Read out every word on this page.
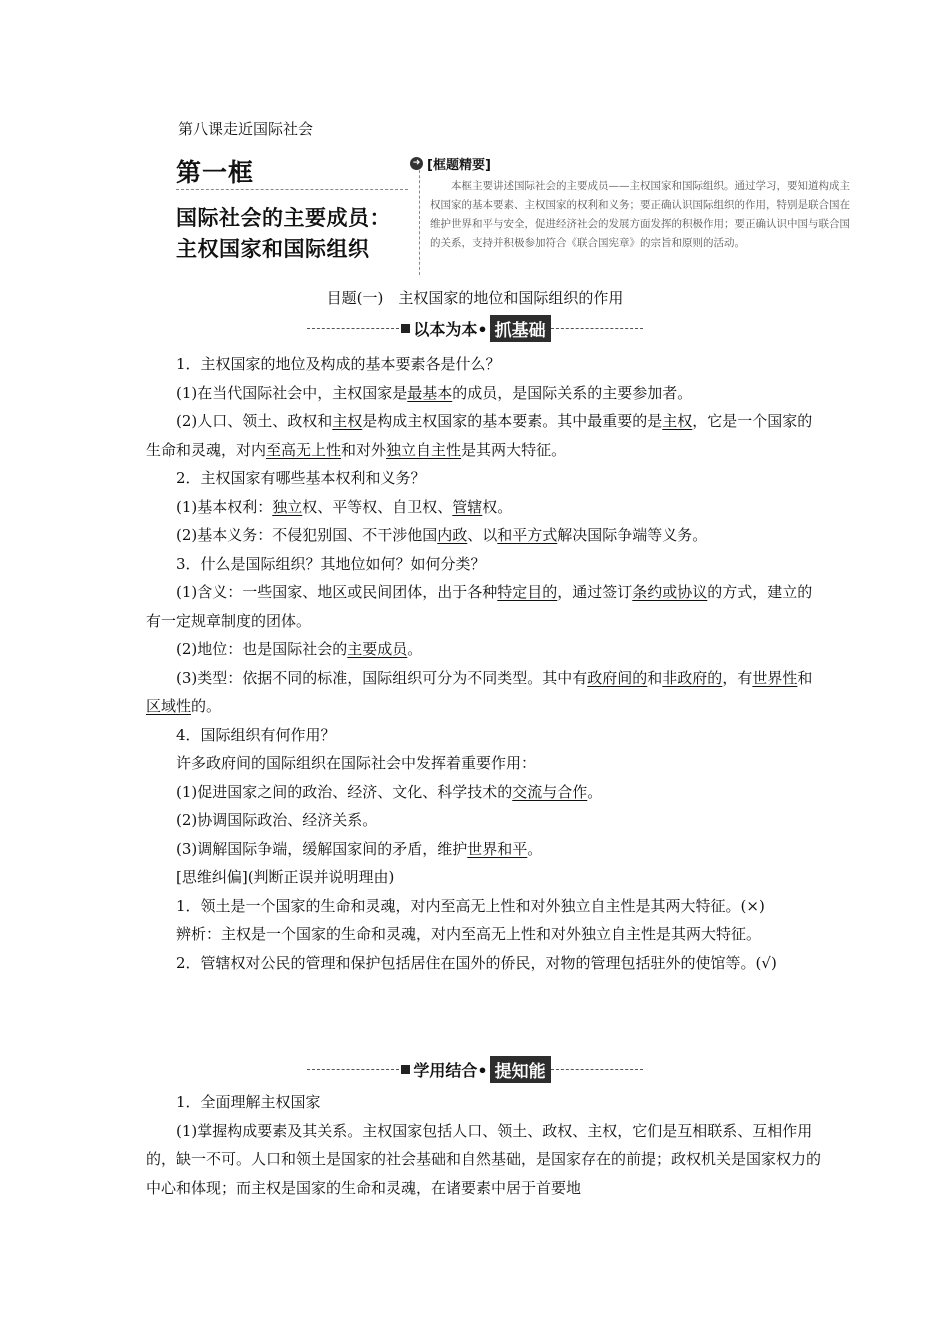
第八课走近国际社会
第一框
国际社会的主要成员：
主权国家和国际组织
➜ [框题精要]
本框主要讲述国际社会的主要成员——主权国家和国际组织。通过学习，要知道构成主权国家的基本要素、主权国家的权利和义务；要正确认识国际组织的作用，特别是联合国在维护世界和平与安全，促进经济社会的发展方面发挥的积极作用；要正确认识中国与联合国的关系，支持并积极参加符合《联合国宪章》的宗旨和原则的活动。
目题(一)　主权国家的地位和国际组织的作用
以本为本• 抓基础

1．主权国家的地位及构成的基本要素各是什么？

(1)在当代国际社会中，主权国家是最基本的成员，是国际关系的主要参加者。

(2)人口、领土、政权和主权是构成主权国家的基本要素。其中最重要的是主权，它是一个国家的生命和灵魂，对内至高无上性和对外独立自主性是其两大特征。

2．主权国家有哪些基本权利和义务？

(1)基本权利：独立权、平等权、自卫权、管辖权。

(2)基本义务：不侵犯别国、不干涉他国内政、以和平方式解决国际争端等义务。

3．什么是国际组织？其地位如何？如何分类？

(1)含义：一些国家、地区或民间团体，出于各种特定目的，通过签订条约或协议的方式，建立的有一定规章制度的团体。

(2)地位：也是国际社会的主要成员。

(3)类型：依据不同的标准，国际组织可分为不同类型。其中有政府间的和非政府的，有世界性和区域性的。

4．国际组织有何作用？

许多政府间的国际组织在国际社会中发挥着重要作用：

(1)促进国家之间的政治、经济、文化、科学技术的交流与合作。

(2)协调国际政治、经济关系。

(3)调解国际争端，缓解国家间的矛盾，维护世界和平。

[思维纠偏](判断正误并说明理由)

1．领土是一个国家的生命和灵魂，对内至高无上性和对外独立自主性是其两大特征。(×)

辨析：主权是一个国家的生命和灵魂，对内至高无上性和对外独立自主性是其两大特征。

2．管辖权对公民的管理和保护包括居住在国外的侨民，对物的管理包括驻外的使馆等。(√)

学用结合• 提知能

1．全面理解主权国家

(1)掌握构成要素及其关系。主权国家包括人口、领土、政权、主权，它们是互相联系、互相作用的，缺一不可。人口和领土是国家的社会基础和自然基础，是国家存在的前提；政权机关是国家权力的中心和体现；而主权是国家的生命和灵魂，在诸要素中居于首要地
